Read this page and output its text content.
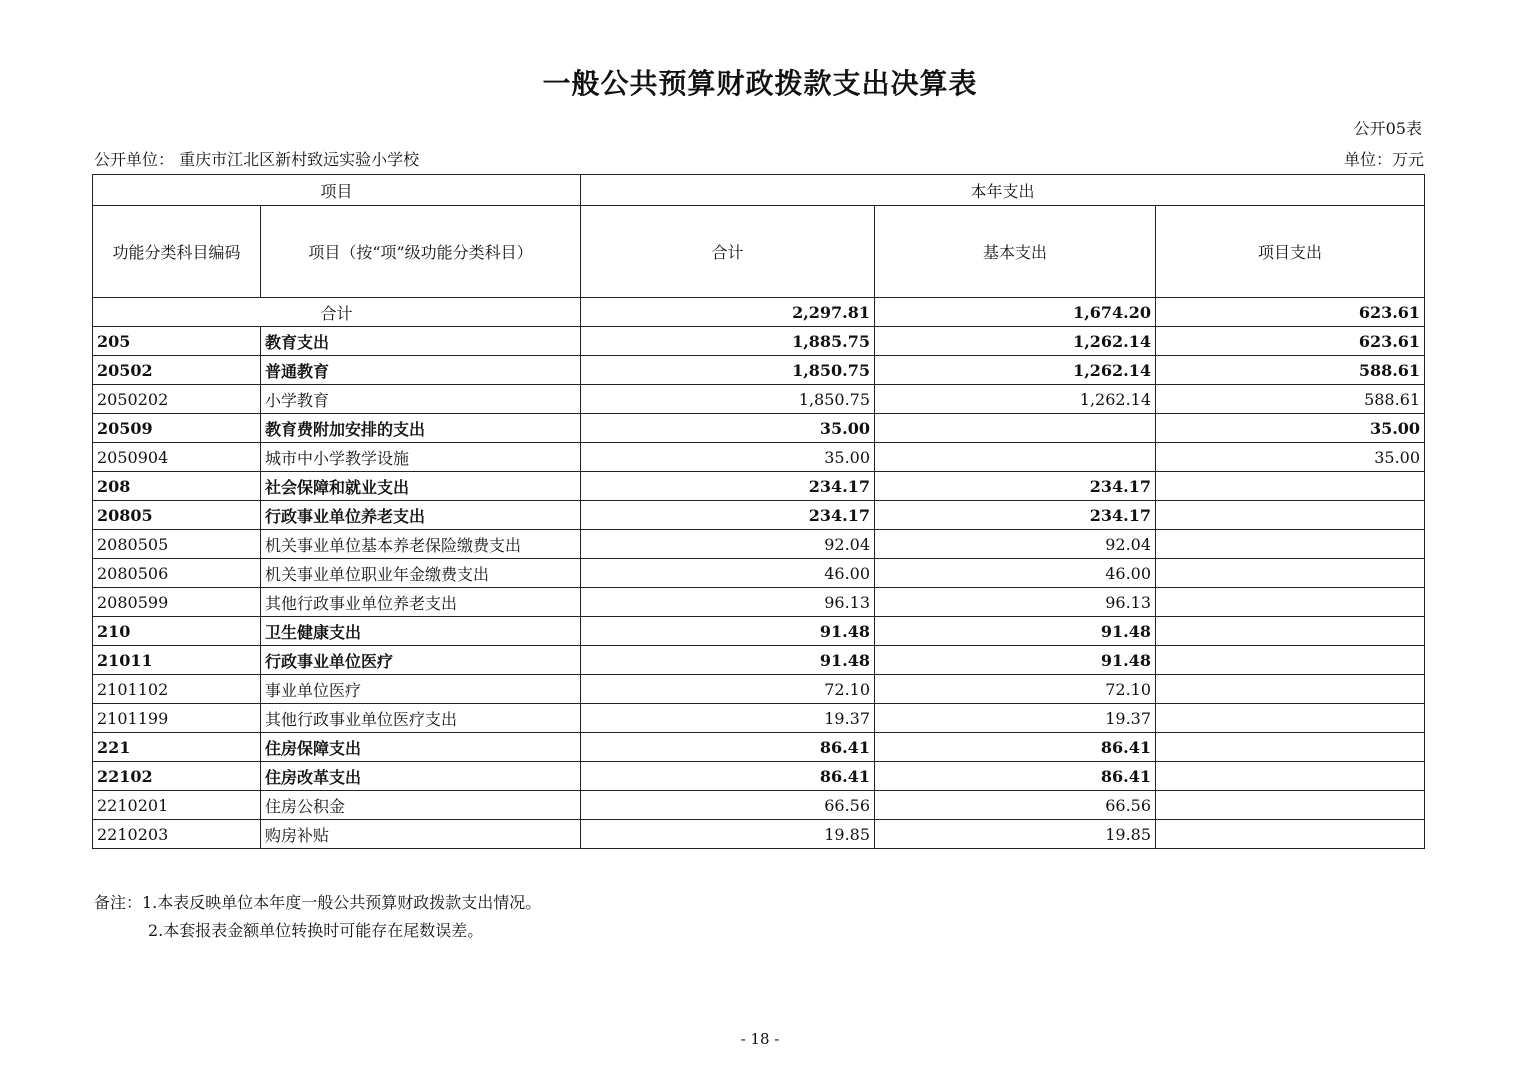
一般公共预算财政拨款支出决算表
公开05表
公开单位： 重庆市江北区新村致远实验小学校	单位：万元
项目		本年支出		
功能分类科目编码	项目（按“项”级功能分类科目）	合计	基本支出	项目支出
合计		2,297.81	1,674.20	623.61
205	教育支出	1,885.75	1,262.14	623.61
20502	普通教育	1,850.75	1,262.14	588.61
2050202	小学教育	1,850.75	1,262.14	588.61
20509	教育费附加安排的支出	35.00		35.00
2050904	城市中小学教学设施	35.00		35.00
208	社会保障和就业支出	234.17	234.17	
20805	行政事业单位养老支出	234.17	234.17	
2080505	机关事业单位基本养老保险缴费支出	92.04	92.04	
2080506	机关事业单位职业年金缴费支出	46.00	46.00	
2080599	其他行政事业单位养老支出	96.13	96.13	
210	卫生健康支出	91.48	91.48	
21011	行政事业单位医疗	91.48	91.48	
2101102	事业单位医疗	72.10	72.10	
2101199	其他行政事业单位医疗支出	19.37	19.37	
221	住房保障支出	86.41	86.41	
22102	住房改革支出	86.41	86.41	
2210201	住房公积金	66.56	66.56	
2210203	购房补贴	19.85	19.85	
备注：1.本表反映单位本年度一般公共预算财政拨款支出情况。
2.本套报表金额单位转换时可能存在尾数误差。
- 18 -
